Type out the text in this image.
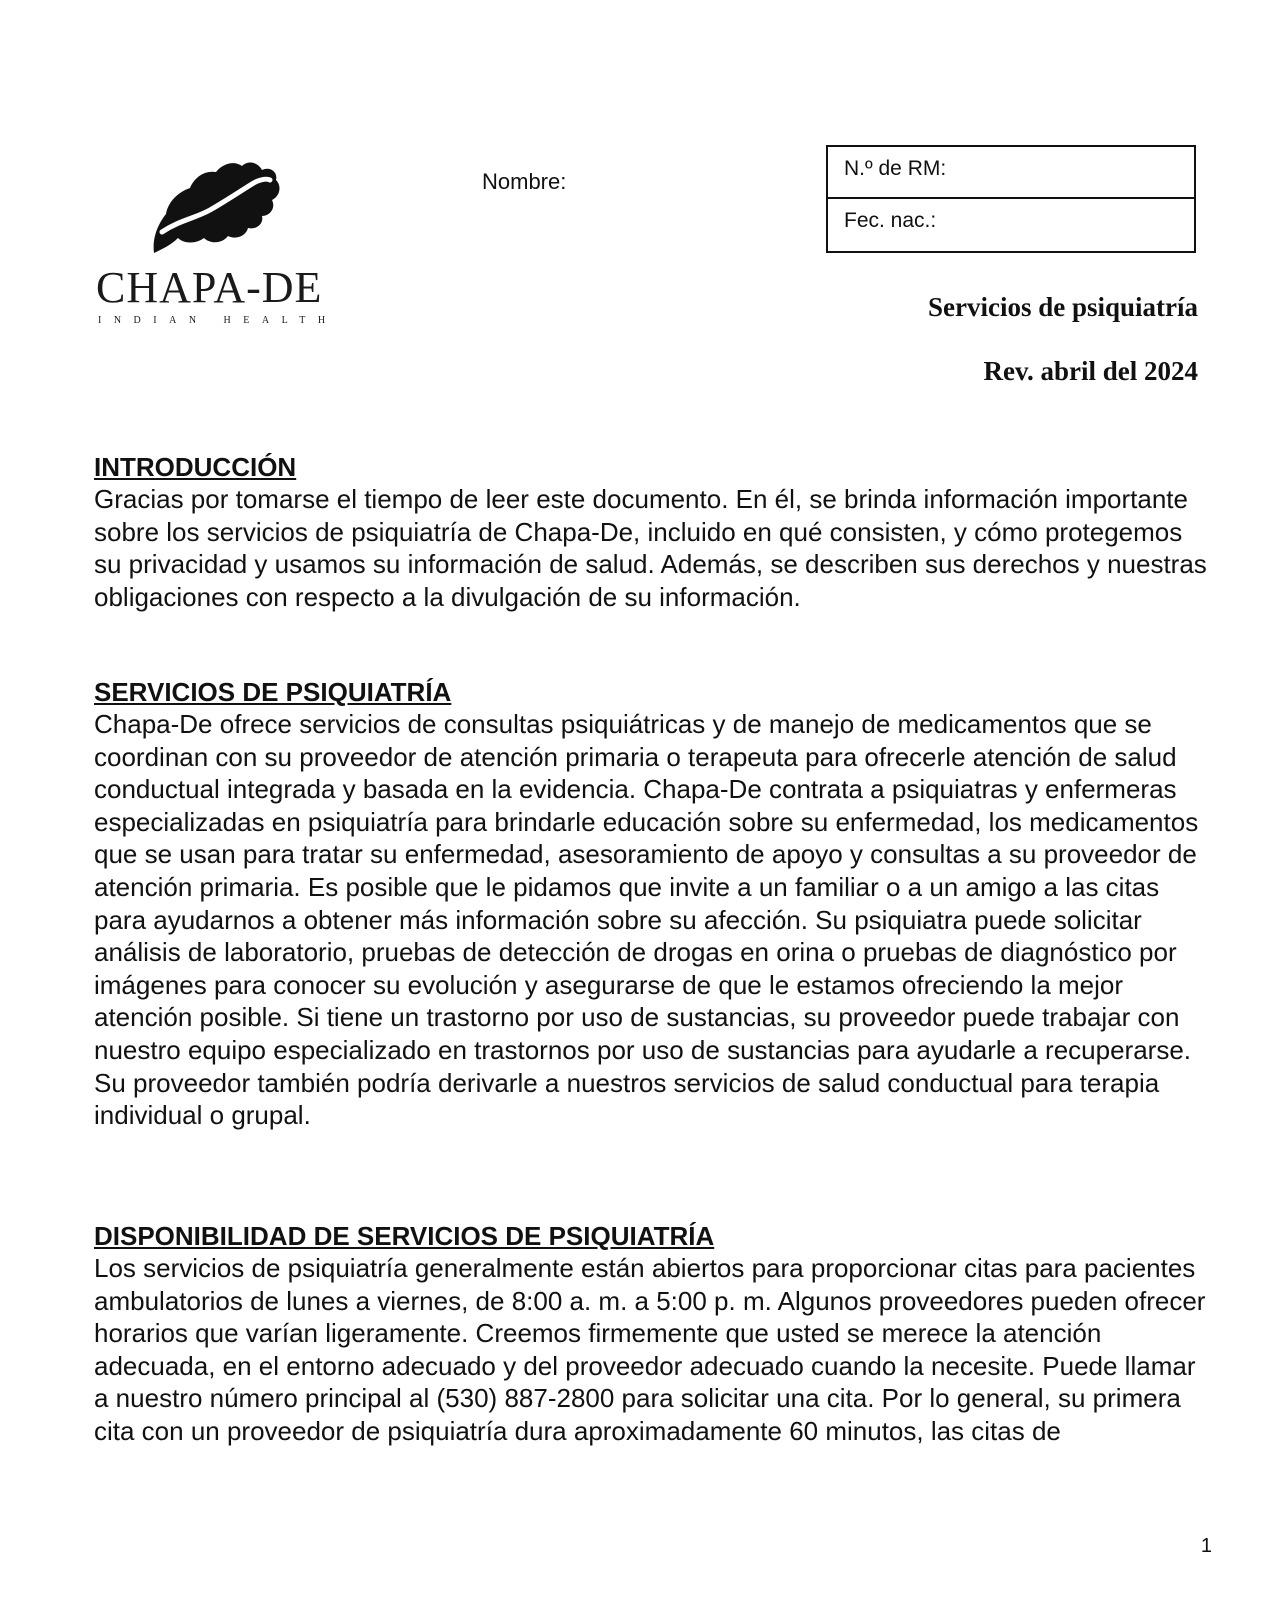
CHAPA-DE
INDIAN HEALTH
Nombre:
N.º de RM:
Fec. nac.:
Servicios de psiquiatría
Rev. abril del 2024
INTRODUCCIÓN

Gracias por tomarse el tiempo de leer este documento. En él, se brinda información importante sobre los servicios de psiquiatría de Chapa-De, incluido en qué consisten, y cómo protegemos su privacidad y usamos su información de salud. Además, se describen sus derechos y nuestras obligaciones con respecto a la divulgación de su información.

SERVICIOS DE PSIQUIATRÍA

Chapa-De ofrece servicios de consultas psiquiátricas y de manejo de medicamentos que se coordinan con su proveedor de atención primaria o terapeuta para ofrecerle atención de salud conductual integrada y basada en la evidencia. Chapa-De contrata a psiquiatras y enfermeras especializadas en psiquiatría para brindarle educación sobre su enfermedad, los medicamentos que se usan para tratar su enfermedad, asesoramiento de apoyo y consultas a su proveedor de atención primaria. Es posible que le pidamos que invite a un familiar o a un amigo a las citas para ayudarnos a obtener más información sobre su afección. Su psiquiatra puede solicitar análisis de laboratorio, pruebas de detección de drogas en orina o pruebas de diagnóstico por imágenes para conocer su evolución y asegurarse de que le estamos ofreciendo la mejor atención posible. Si tiene un trastorno por uso de sustancias, su proveedor puede trabajar con nuestro equipo especializado en trastornos por uso de sustancias para ayudarle a recuperarse. Su proveedor también podría derivarle a nuestros servicios de salud conductual para terapia individual o grupal.

DISPONIBILIDAD DE SERVICIOS DE PSIQUIATRÍA

Los servicios de psiquiatría generalmente están abiertos para proporcionar citas para pacientes ambulatorios de lunes a viernes, de 8:00 a. m. a 5:00 p. m. Algunos proveedores pueden ofrecer horarios que varían ligeramente. Creemos firmemente que usted se merece la atención adecuada, en el entorno adecuado y del proveedor adecuado cuando la necesite. Puede llamar a nuestro número principal al (530) 887-2800 para solicitar una cita. Por lo general, su primera cita con un proveedor de psiquiatría dura aproximadamente 60 minutos, las citas de

1
